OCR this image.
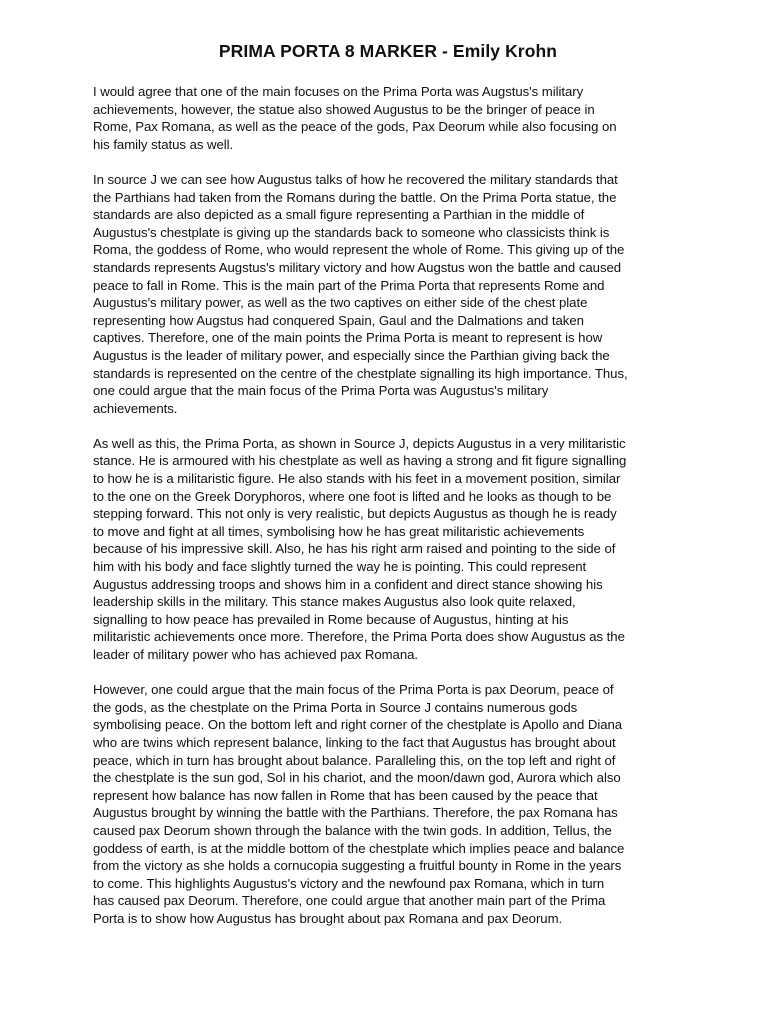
PRIMA PORTA 8 MARKER - Emily Krohn
I would agree that one of the main focuses on the Prima Porta was Augstus's military
achievements, however, the statue also showed Augustus to be the bringer of peace in
Rome, Pax Romana, as well as the peace of the gods, Pax Deorum while also focusing on
his family status as well.
In source J we can see how Augustus talks of how he recovered the military standards that
the Parthians had taken from the Romans during the battle. On the Prima Porta statue, the
standards are also depicted as a small figure representing a Parthian in the middle of
Augustus's chestplate is giving up the standards back to someone who classicists think is
Roma, the goddess of Rome, who would represent the whole of Rome. This giving up of the
standards represents Augstus's military victory and how Augstus won the battle and caused
peace to fall in Rome. This is the main part of the Prima Porta that represents Rome and
Augustus's military power, as well as the two captives on either side of the chest plate
representing how Augstus had conquered Spain, Gaul and the Dalmations and taken
captives. Therefore, one of the main points the Prima Porta is meant to represent is how
Augustus is the leader of military power, and especially since the Parthian giving back the
standards is represented on the centre of the chestplate signalling its high importance. Thus,
one could argue that the main focus of the Prima Porta was Augustus's military
achievements.
As well as this, the Prima Porta, as shown in Source J, depicts Augustus in a very militaristic
stance. He is armoured with his chestplate as well as having a strong and fit figure signalling
to how he is a militaristic figure. He also stands with his feet in a movement position, similar
to the one on the Greek Doryphoros, where one foot is lifted and he looks as though to be
stepping forward. This not only is very realistic, but depicts Augustus as though he is ready
to move and fight at all times, symbolising how he has great militaristic achievements
because of his impressive skill. Also, he has his right arm raised and pointing to the side of
him with his body and face slightly turned the way he is pointing. This could represent
Augustus addressing troops and shows him in a confident and direct stance showing his
leadership skills in the military. This stance makes Augustus also look quite relaxed,
signalling to how peace has prevailed in Rome because of Augustus, hinting at his
militaristic achievements once more. Therefore, the Prima Porta does show Augustus as the
leader of military power who has achieved pax Romana.
However, one could argue that the main focus of the Prima Porta is pax Deorum, peace of
the gods, as the chestplate on the Prima Porta in Source J contains numerous gods
symbolising peace. On the bottom left and right corner of the chestplate is Apollo and Diana
who are twins which represent balance, linking to the fact that Augustus has brought about
peace, which in turn has brought about balance. Paralleling this, on the top left and right of
the chestplate is the sun god, Sol in his chariot, and the moon/dawn god, Aurora which also
represent how balance has now fallen in Rome that has been caused by the peace that
Augustus brought by winning the battle with the Parthians. Therefore, the pax Romana has
caused pax Deorum shown through the balance with the twin gods. In addition, Tellus, the
goddess of earth, is at the middle bottom of the chestplate which implies peace and balance
from the victory as she holds a cornucopia suggesting a fruitful bounty in Rome in the years
to come. This highlights Augustus's victory and the newfound pax Romana, which in turn
has caused pax Deorum. Therefore, one could argue that another main part of the Prima
Porta is to show how Augustus has brought about pax Romana and pax Deorum.
